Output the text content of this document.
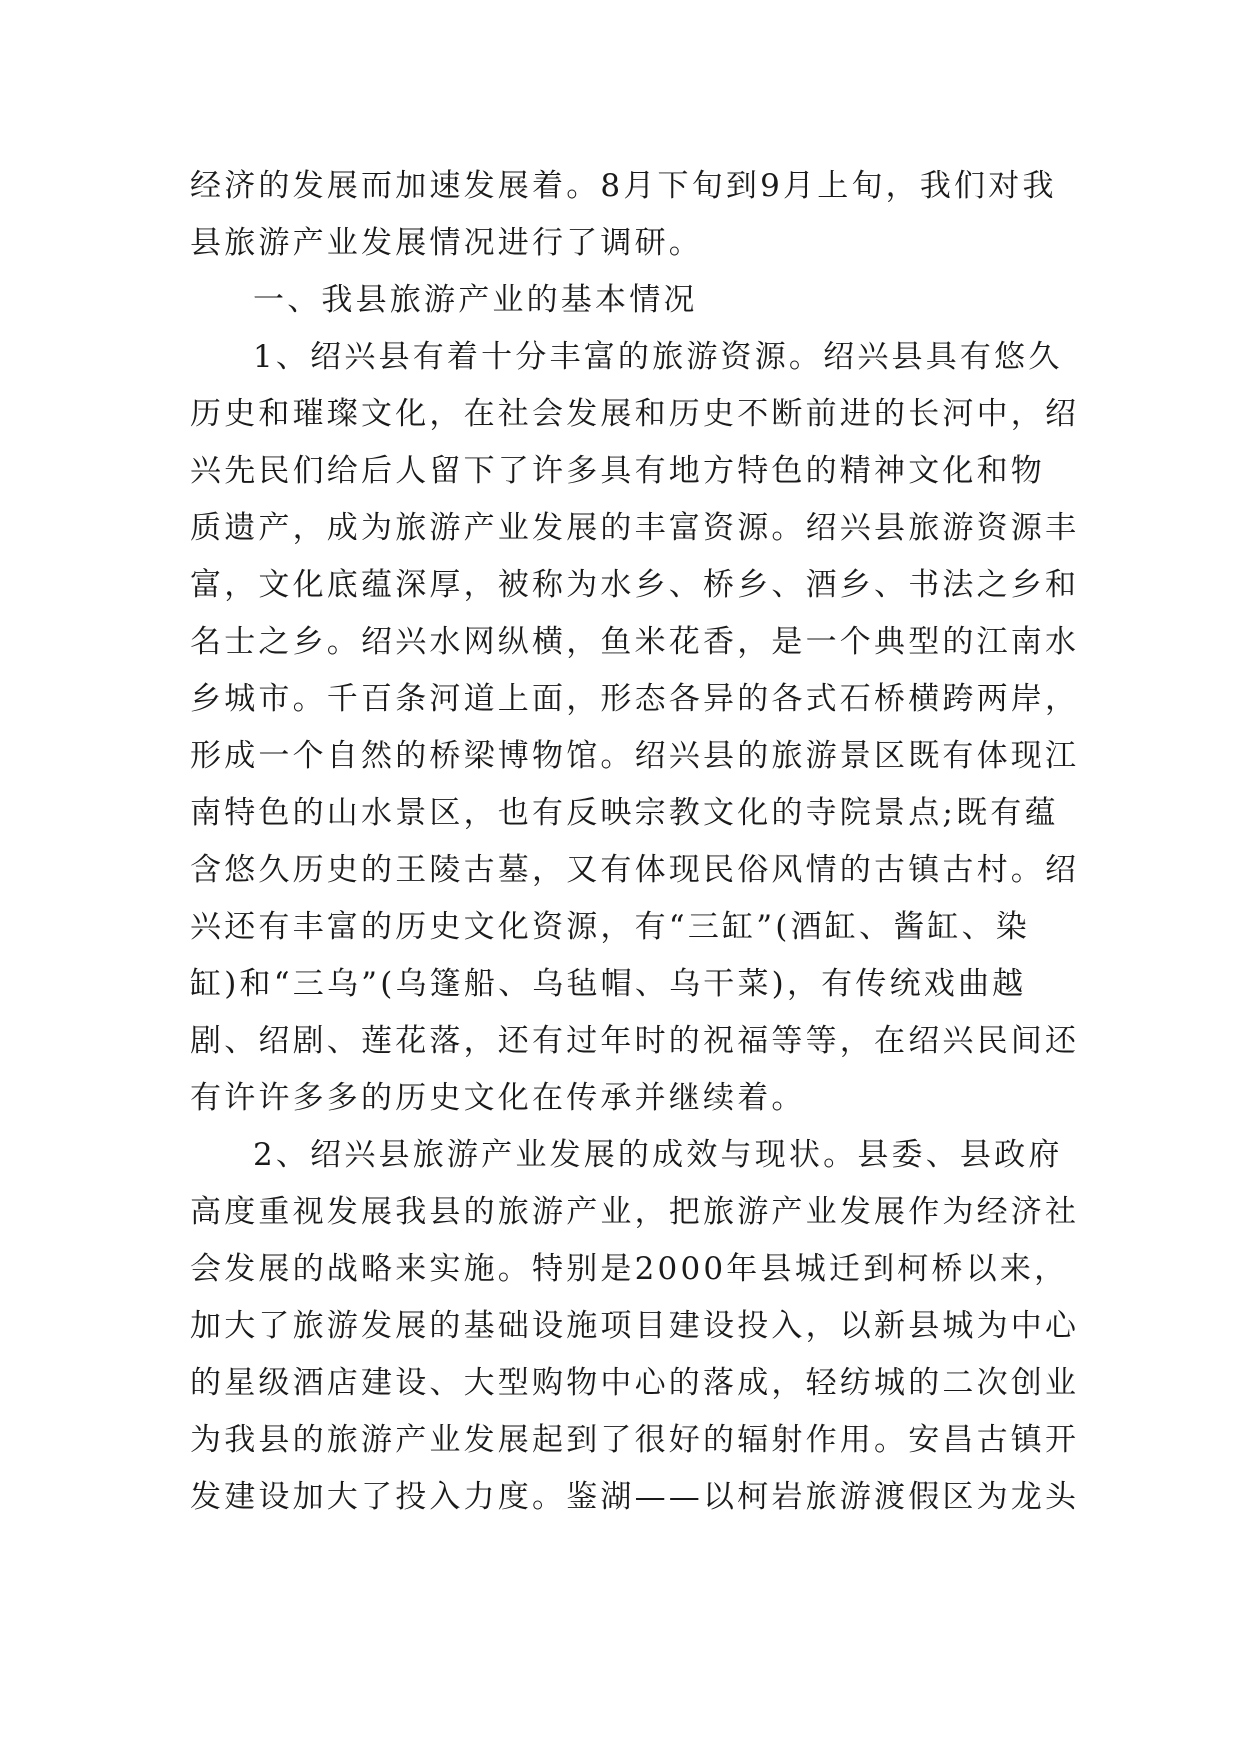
经济的发展而加速发展着。8月下旬到9月上旬，我们对我
县旅游产业发展情况进行了调研。
一、我县旅游产业的基本情况
1、绍兴县有着十分丰富的旅游资源。绍兴县具有悠久
历史和璀璨文化，在社会发展和历史不断前进的长河中，绍
兴先民们给后人留下了许多具有地方特色的精神文化和物
质遗产，成为旅游产业发展的丰富资源。绍兴县旅游资源丰
富，文化底蕴深厚，被称为水乡、桥乡、酒乡、书法之乡和
名士之乡。绍兴水网纵横，鱼米花香，是一个典型的江南水
乡城市。千百条河道上面，形态各异的各式石桥横跨两岸，
形成一个自然的桥梁博物馆。绍兴县的旅游景区既有体现江
南特色的山水景区，也有反映宗教文化的寺院景点;既有蕴
含悠久历史的王陵古墓，又有体现民俗风情的古镇古村。绍
兴还有丰富的历史文化资源，有“三缸”(酒缸、酱缸、染
缸)和“三乌”(乌篷船、乌毡帽、乌干菜)，有传统戏曲越
剧、绍剧、莲花落，还有过年时的祝福等等，在绍兴民间还
有许许多多的历史文化在传承并继续着。
2、绍兴县旅游产业发展的成效与现状。县委、县政府
高度重视发展我县的旅游产业，把旅游产业发展作为经济社
会发展的战略来实施。特别是2000年县城迁到柯桥以来，
加大了旅游发展的基础设施项目建设投入，以新县城为中心
的星级酒店建设、大型购物中心的落成，轻纺城的二次创业
为我县的旅游产业发展起到了很好的辐射作用。安昌古镇开
发建设加大了投入力度。鉴湖——以柯岩旅游渡假区为龙头
